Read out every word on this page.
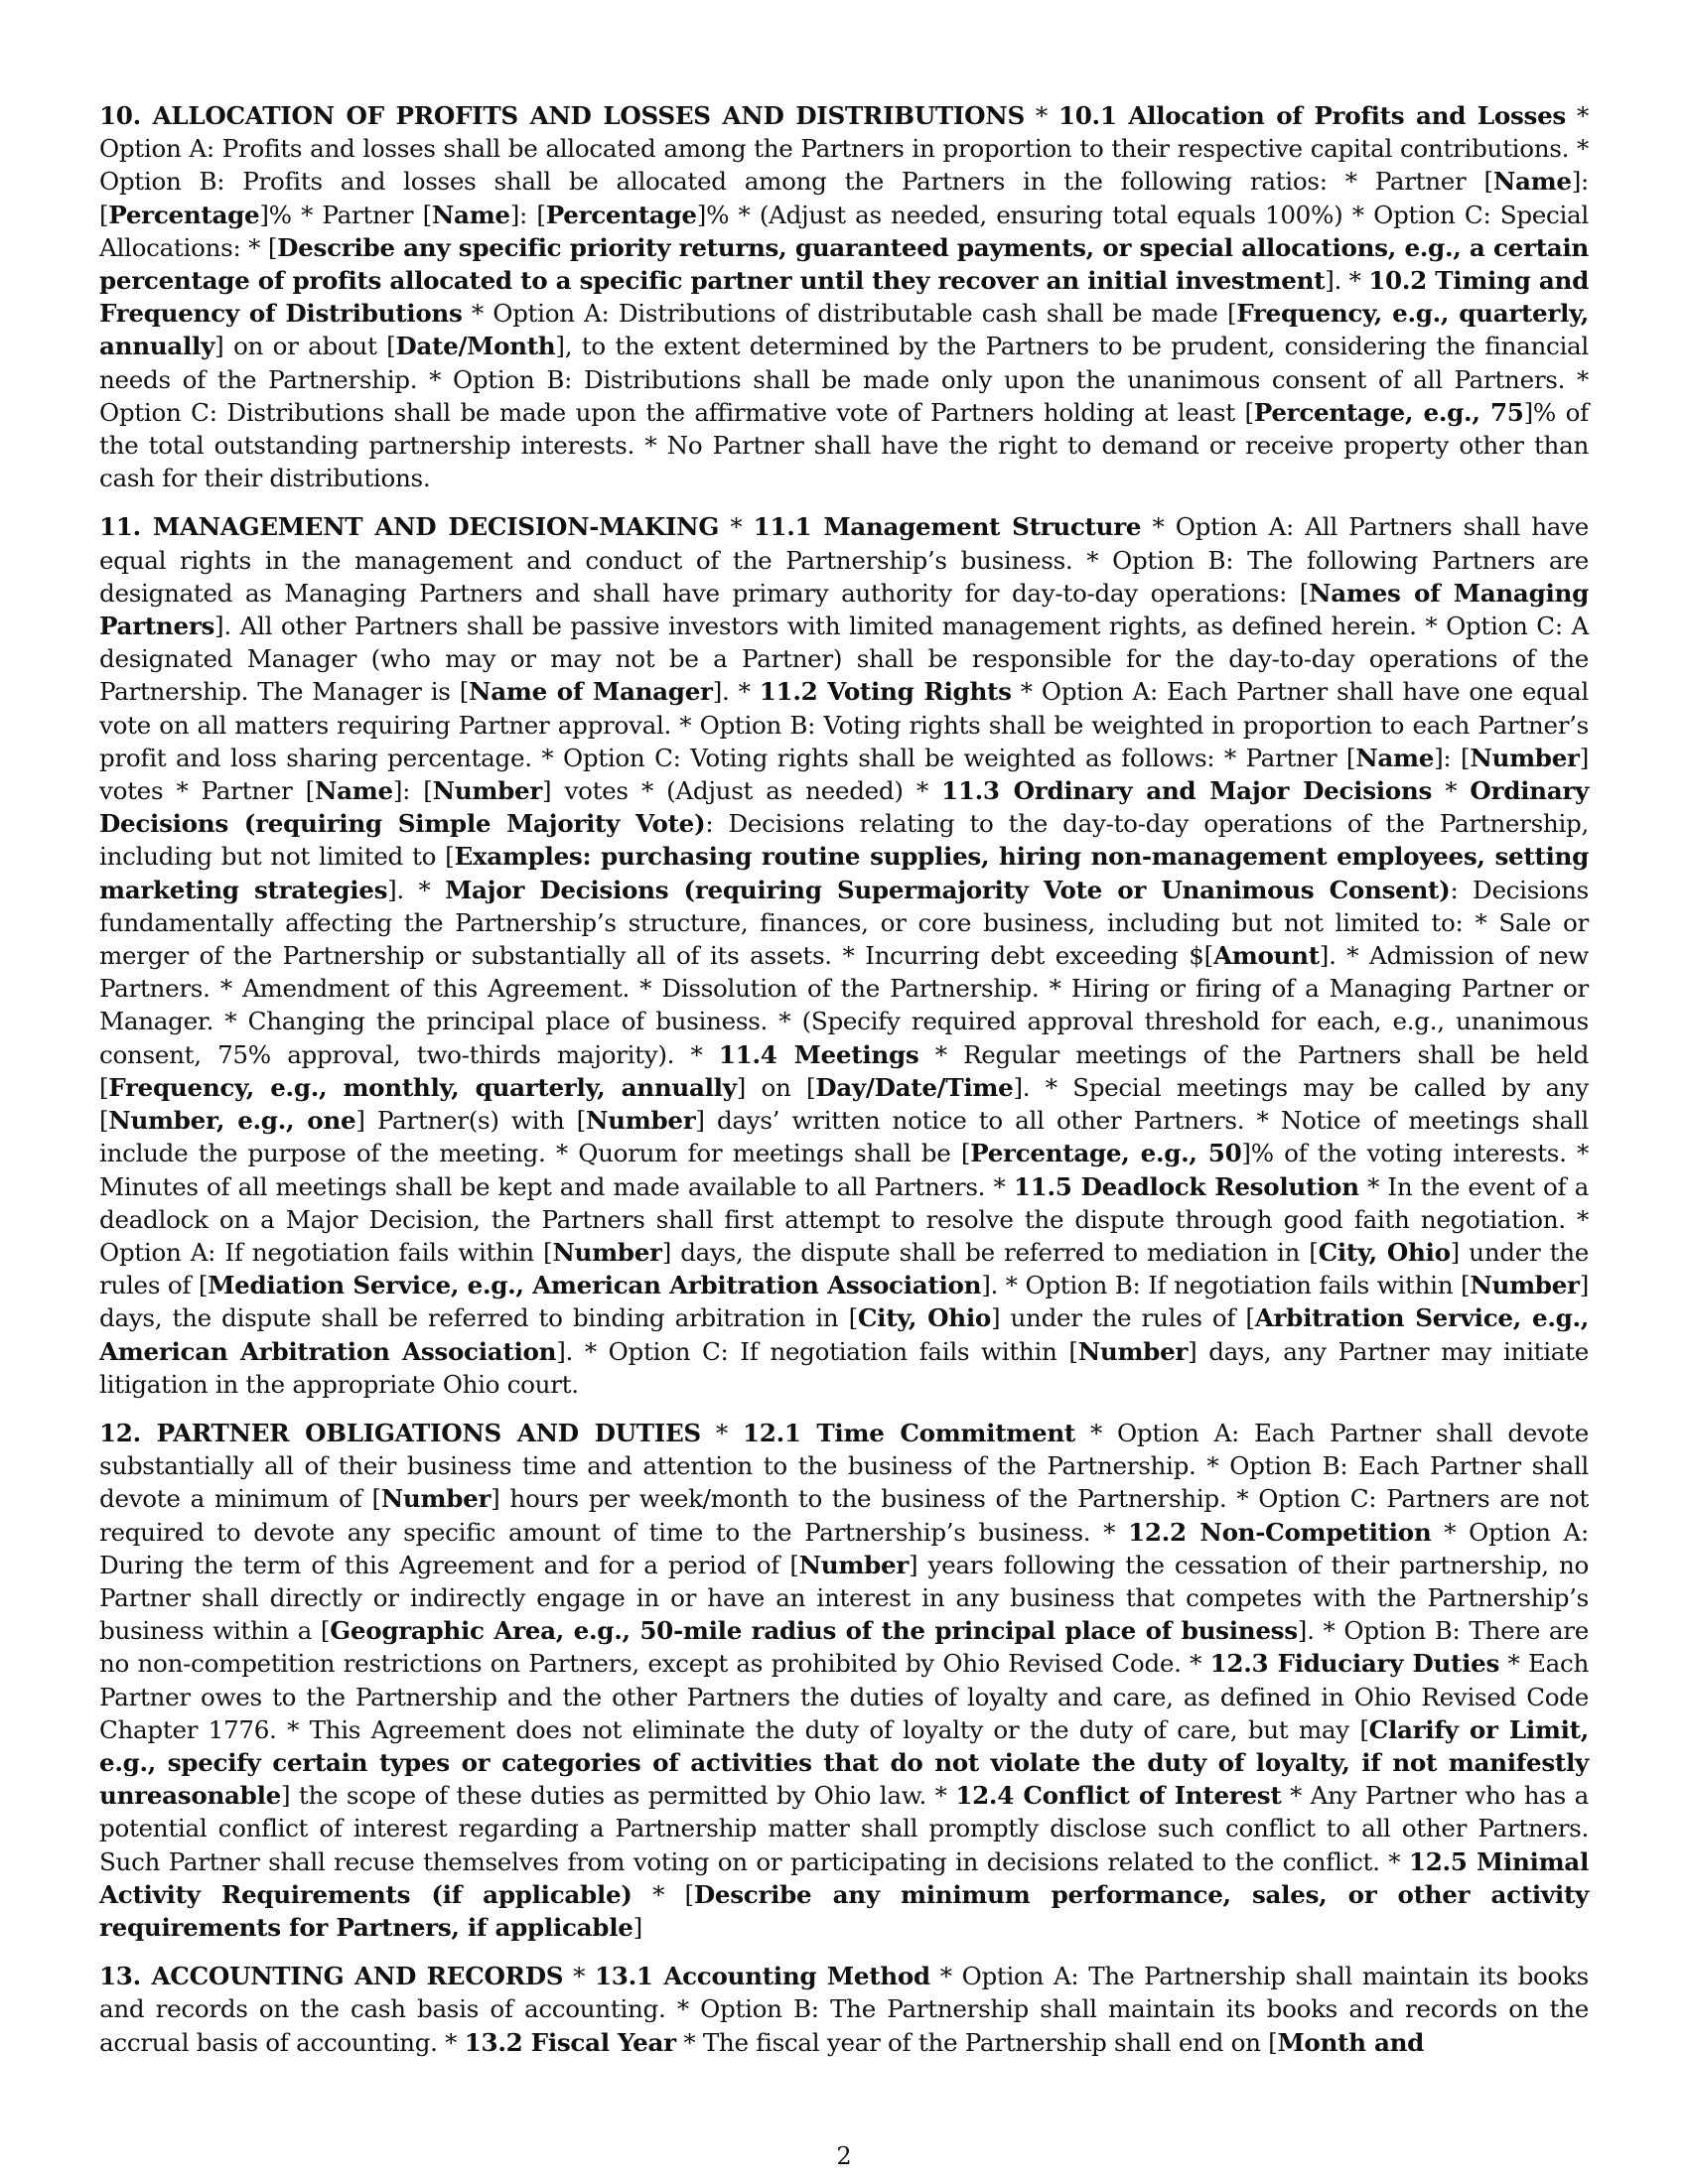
10. ALLOCATION OF PROFITS AND LOSSES AND DISTRIBUTIONS * 10.1 Allocation of Profits and Losses * Option A: Profits and losses shall be allocated among the Partners in proportion to their respective capital contributions. * Option B: Profits and losses shall be allocated among the Partners in the following ratios: * Partner [Name]: [Percentage]% * Partner [Name]: [Percentage]% * (Adjust as needed, ensuring total equals 100%) * Option C: Special Allocations: * [Describe any specific priority returns, guaranteed payments, or special allocations, e.g., a certain percentage of profits allocated to a specific partner until they recover an initial investment]. * 10.2 Timing and Frequency of Distributions * Option A: Distributions of distributable cash shall be made [Frequency, e.g., quarterly, annually] on or about [Date/Month], to the extent determined by the Partners to be prudent, considering the financial needs of the Partnership. * Option B: Distributions shall be made only upon the unanimous consent of all Partners. * Option C: Distributions shall be made upon the affirmative vote of Partners holding at least [Percentage, e.g., 75]% of the total outstanding partnership interests. * No Partner shall have the right to demand or receive property other than cash for their distributions.

11. MANAGEMENT AND DECISION-MAKING * 11.1 Management Structure * Option A: All Partners shall have equal rights in the management and conduct of the Partnership’s business. * Option B: The following Partners are designated as Managing Partners and shall have primary authority for day-to-day operations: [Names of Managing Partners]. All other Partners shall be passive investors with limited management rights, as defined herein. * Option C: A designated Manager (who may or may not be a Partner) shall be responsible for the day-to-day operations of the Partnership. The Manager is [Name of Manager]. * 11.2 Voting Rights * Option A: Each Partner shall have one equal vote on all matters requiring Partner approval. * Option B: Voting rights shall be weighted in proportion to each Partner’s profit and loss sharing percentage. * Option C: Voting rights shall be weighted as follows: * Partner [Name]: [Number] votes * Partner [Name]: [Number] votes * (Adjust as needed) * 11.3 Ordinary and Major Decisions * Ordinary Decisions (requiring Simple Majority Vote): Decisions relating to the day-to-day operations of the Partnership, including but not limited to [Examples: purchasing routine supplies, hiring non-management employees, setting marketing strategies]. * Major Decisions (requiring Supermajority Vote or Unanimous Consent): Decisions fundamentally affecting the Partnership’s structure, finances, or core business, including but not limited to: * Sale or merger of the Partnership or substantially all of its assets. * Incurring debt exceeding $[Amount]. * Admission of new Partners. * Amendment of this Agreement. * Dissolution of the Partnership. * Hiring or firing of a Managing Partner or Manager. * Changing the principal place of business. * (Specify required approval threshold for each, e.g., unanimous consent, 75% approval, two-thirds majority). * 11.4 Meetings * Regular meetings of the Partners shall be held [Frequency, e.g., monthly, quarterly, annually] on [Day/Date/Time]. * Special meetings may be called by any [Number, e.g., one] Partner(s) with [Number] days’ written notice to all other Partners. * Notice of meetings shall include the purpose of the meeting. * Quorum for meetings shall be [Percentage, e.g., 50]% of the voting interests. * Minutes of all meetings shall be kept and made available to all Partners. * 11.5 Deadlock Resolution * In the event of a deadlock on a Major Decision, the Partners shall first attempt to resolve the dispute through good faith negotiation. * Option A: If negotiation fails within [Number] days, the dispute shall be referred to mediation in [City, Ohio] under the rules of [Mediation Service, e.g., American Arbitration Association]. * Option B: If negotiation fails within [Number] days, the dispute shall be referred to binding arbitration in [City, Ohio] under the rules of [Arbitration Service, e.g., American Arbitration Association]. * Option C: If negotiation fails within [Number] days, any Partner may initiate litigation in the appropriate Ohio court.

12. PARTNER OBLIGATIONS AND DUTIES * 12.1 Time Commitment * Option A: Each Partner shall devote substantially all of their business time and attention to the business of the Partnership. * Option B: Each Partner shall devote a minimum of [Number] hours per week/month to the business of the Partnership. * Option C: Partners are not required to devote any specific amount of time to the Partnership’s business. * 12.2 Non-Competition * Option A: During the term of this Agreement and for a period of [Number] years following the cessation of their partnership, no Partner shall directly or indirectly engage in or have an interest in any business that competes with the Partnership’s business within a [Geographic Area, e.g., 50-mile radius of the principal place of business]. * Option B: There are no non-competition restrictions on Partners, except as prohibited by Ohio Revised Code. * 12.3 Fiduciary Duties * Each Partner owes to the Partnership and the other Partners the duties of loyalty and care, as defined in Ohio Revised Code Chapter 1776. * This Agreement does not eliminate the duty of loyalty or the duty of care, but may [Clarify or Limit, e.g., specify certain types or categories of activities that do not violate the duty of loyalty, if not manifestly unreasonable] the scope of these duties as permitted by Ohio law. * 12.4 Conflict of Interest * Any Partner who has a potential conflict of interest regarding a Partnership matter shall promptly disclose such conflict to all other Partners. Such Partner shall recuse themselves from voting on or participating in decisions related to the conflict. * 12.5 Minimal Activity Requirements (if applicable) * [Describe any minimum performance, sales, or other activity requirements for Partners, if applicable]

13. ACCOUNTING AND RECORDS * 13.1 Accounting Method * Option A: The Partnership shall maintain its books and records on the cash basis of accounting. * Option B: The Partnership shall maintain its books and records on the accrual basis of accounting. * 13.2 Fiscal Year * The fiscal year of the Partnership shall end on [Month and

2
